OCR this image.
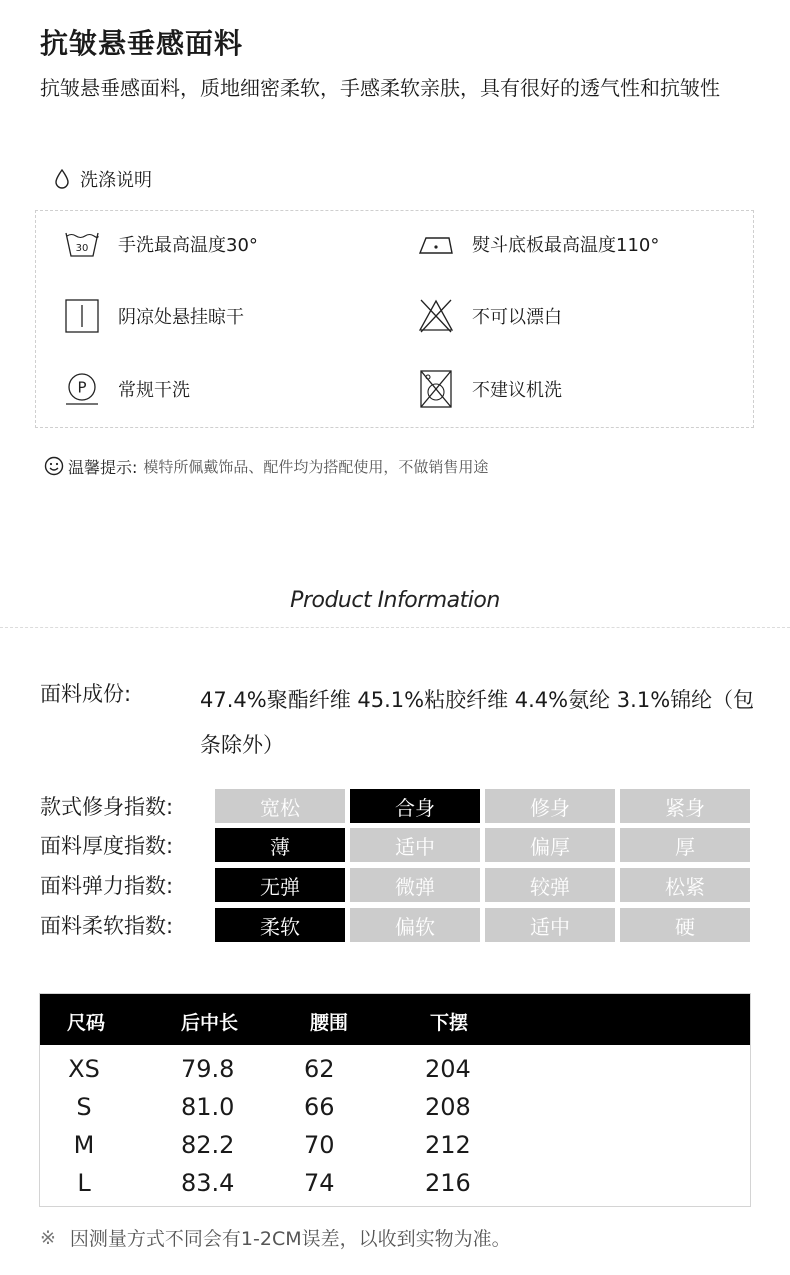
抗皱悬垂感面料
抗皱悬垂感面料，质地细密柔软，手感柔软亲肤，具有很好的透气性和抗皱性
洗涤说明
30 手洗最高温度30°	熨斗底板最高温度110°
阴凉处悬挂晾干	不可以漂白
P 常规干洗	不建议机洗
温馨提示: 模特所佩戴饰品、配件均为搭配使用，不做销售用途
Product Information
面料成份:	47.4%聚酯纤维 45.1%粘胶纤维 4.4%氨纶 3.1%锦纶（包条除外）
款式修身指数:	宽松	合身	修身	紧身
面料厚度指数:	薄	适中	偏厚	厚
面料弹力指数:	无弹	微弹	较弹	松紧
面料柔软指数:	柔软	偏软	适中	硬
尺码	后中长	腰围	下摆
XS	79.8	62	204
S	81.0	66	208
M	82.2	70	212
L	83.4	74	216
※ 因测量方式不同会有1-2CM误差，以收到实物为准。
